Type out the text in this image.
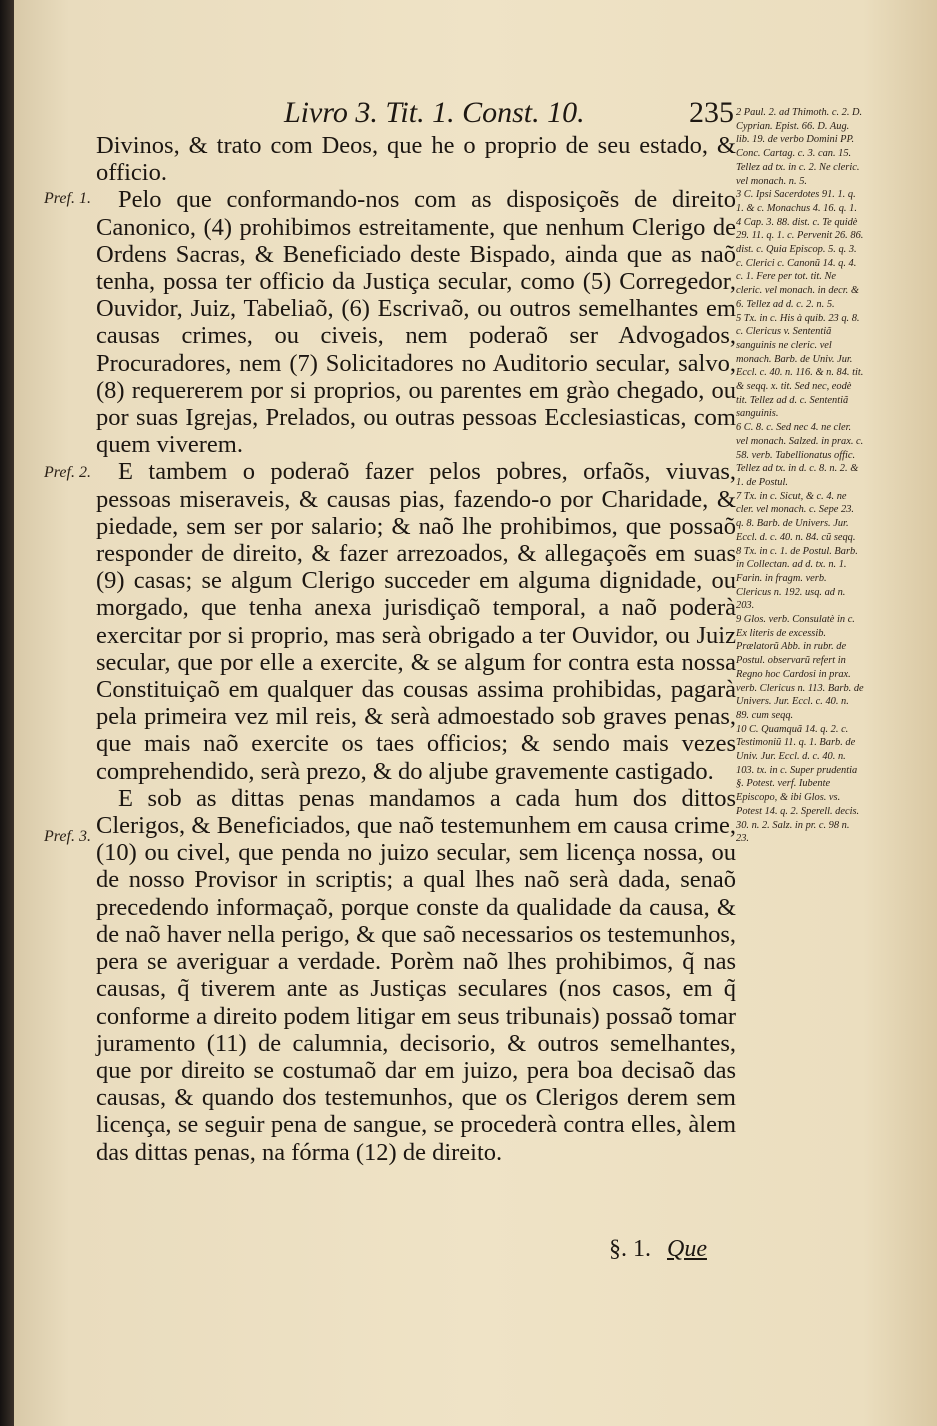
Livro 3. Tit. 1. Const. 10.	235
Pref. 1.
Pref. 2.
Pref. 3.

Divinos, & trato com Deos, que he o proprio de seu estado, & officio.

Pelo que conformando-nos com as disposiçoẽs de direito Canonico, (4) prohibimos estreitamente, que nenhum Clerigo de Ordens Sacras, & Beneficiado deste Bispado, ainda que as naõ tenha, possa ter officio da Justiça secular, como (5) Corregedor, Ouvidor, Juiz, Tabeliaõ, (6) Escrivaõ, ou outros semelhantes em causas crimes, ou civeis, nem poderaõ ser Advogados, Procuradores, nem (7) Solicitadores no Auditorio secular, salvo, (8) requererem por si proprios, ou parentes em grào chegado, ou por suas Igrejas, Prelados, ou outras pessoas Ecclesiasticas, com quem viverem.

E tambem o poderaõ fazer pelos pobres, orfaõs, viuvas, pessoas miseraveis, & causas pias, fazendo-o por Charidade, & piedade, sem ser por salario; & naõ lhe prohibimos, que possaõ responder de direito, & fazer arrezoados, & allegaçoẽs em suas (9) casas; se algum Clerigo succeder em alguma dignidade, ou morgado, que tenha anexa jurisdiçaõ temporal, a naõ poderà exercitar por si proprio, mas serà obrigado a ter Ouvidor, ou Juiz secular, que por elle a exercite, & se algum for contra esta nossa Constituiçaõ em qualquer das cousas assima prohibidas, pagarà pela primeira vez mil reis, & serà admoestado sob graves penas, que mais naõ exercite os taes officios; & sendo mais vezes comprehendido, serà prezo, & do aljube gravemente castigado.

E sob as dittas penas mandamos a cada hum dos dittos Clerigos, & Beneficiados, que naõ testemunhem em causa crime, (10) ou civel, que penda no juizo secular, sem licença nossa, ou de nosso Provisor in scriptis; a qual lhes naõ serà dada, senaõ precedendo informaçaõ, porque conste da qualidade da causa, & de naõ haver nella perigo, & que saõ necessarios os testemunhos, pera se averiguar a verdade. Porèm naõ lhes prohibimos, q̃ nas causas, q̃ tiverem ante as Justiças seculares (nos casos, em q̃ conforme a direito podem litigar em seus tribunais) possaõ tomar juramento (11) de calumnia, decisorio, & outros semelhantes, que por direito se costumaõ dar em juizo, pera boa decisaõ das causas, & quando dos testemunhos, que os Clerigos derem sem licença, se seguir pena de sangue, se procederà contra elles, àlem das dittas penas, na fórma (12) de direito.

2 Paul. 2. ad Thimoth. c. 2. D. Cyprian. Epist. 66. D. Aug. lib. 19. de verbo Domini PP. Conc. Cartag. c. 3. can. 15. Tellez ad tx. in c. 2. Ne cleric. vel monach. n. 5.
3 C. Ipsi Sacerdotes 91. 1. q. 1. & c. Monachus 4. 16. q. 1.
4 Cap. 3. 88. dist. c. Te quidè 29. 11. q. 1. c. Pervenit 26. 86. dist. c. Quia Episcop. 5. q. 3. c. Clerici c. Canonũ 14. q. 4. c. 1. Fere per tot. tit. Ne cleric. vel monach. in decr. & 6. Tellez ad d. c. 2. n. 5.
5 Tx. in c. His à quib. 23 q. 8. c. Clericus v. Sententiã sanguinis ne cleric. vel monach. Barb. de Univ. Jur. Eccl. c. 40. n. 116. & n. 84. tit. & seqq. x. tit. Sed nec, eodè tit. Tellez ad d. c. Sententiã sanguinis.
6 C. 8. c. Sed nec 4. ne cler. vel monach. Salzed. in prax. c. 58. verb. Tabellionatus offic. Tellez ad tx. in d. c. 8. n. 2. & 1. de Postul.
7 Tx. in c. Sicut, & c. 4. ne cler. vel monach. c. Sepe 23. q. 8. Barb. de Univers. Jur. Eccl. d. c. 40. n. 84. cũ seqq.
8 Tx. in c. 1. de Postul. Barb. in Collectan. ad d. tx. n. 1. Farin. in fragm. verb. Clericus n. 192. usq. ad n. 203.
9 Glos. verb. Consulatè in c. Ex literis de excessib. Prælatorũ Abb. in rubr. de Postul. observarũ refert in Regno hoc Cardosi in prax. verb. Clericus n. 113. Barb. de Univers. Jur. Eccl. c. 40. n. 89. cum seqq.
10 C. Quamquã 14. q. 2. c. Testimoniũ 11. q. 1. Barb. de Univ. Jur. Eccl. d. c. 40. n. 103. tx. in c. Super prudentia §. Potest. verf. Iubente Episcopo, & ibi Glos. vs. Potest 14. q. 2. Sperell. decis. 30. n. 2. Salz. in pr. c. 98 n. 23.
§. 1. Que
